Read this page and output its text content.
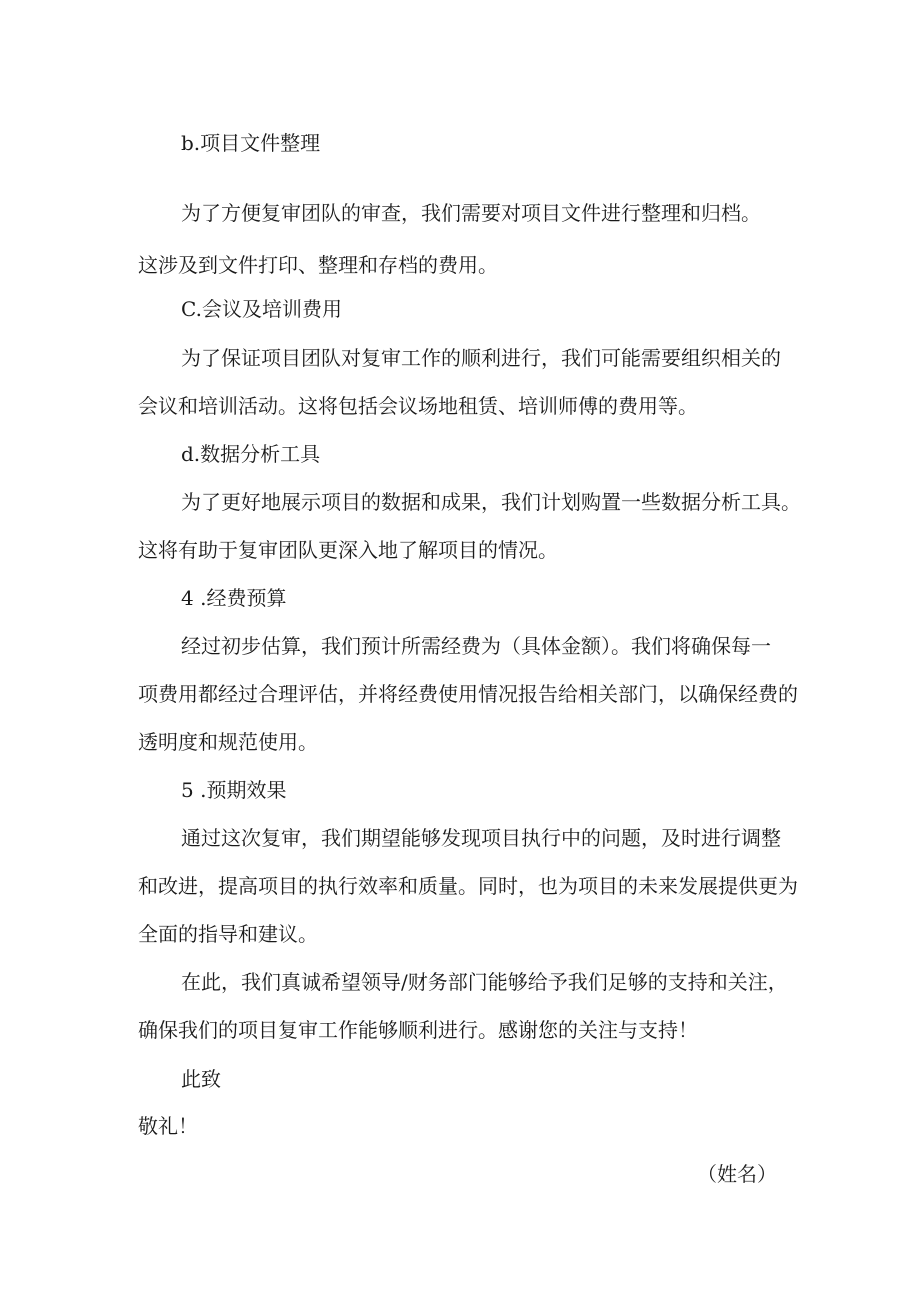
b.项目文件整理
为了方便复审团队的审查，我们需要对项目文件进行整理和归档。
这涉及到文件打印、整理和存档的费用。
C.会议及培训费用
为了保证项目团队对复审工作的顺利进行，我们可能需要组织相关的
会议和培训活动。这将包括会议场地租赁、培训师傅的费用等。
d.数据分析工具
为了更好地展示项目的数据和成果，我们计划购置一些数据分析工具。
这将有助于复审团队更深入地了解项目的情况。
4 .经费预算
经过初步估算，我们预计所需经费为（具体金额）。我们将确保每一
项费用都经过合理评估，并将经费使用情况报告给相关部门，以确保经费的
透明度和规范使用。
5 .预期效果
通过这次复审，我们期望能够发现项目执行中的问题，及时进行调整
和改进，提高项目的执行效率和质量。同时，也为项目的未来发展提供更为
全面的指导和建议。
在此，我们真诚希望领导/财务部门能够给予我们足够的支持和关注，
确保我们的项目复审工作能够顺利进行。感谢您的关注与支持！
此致
敬礼！
（姓名）
